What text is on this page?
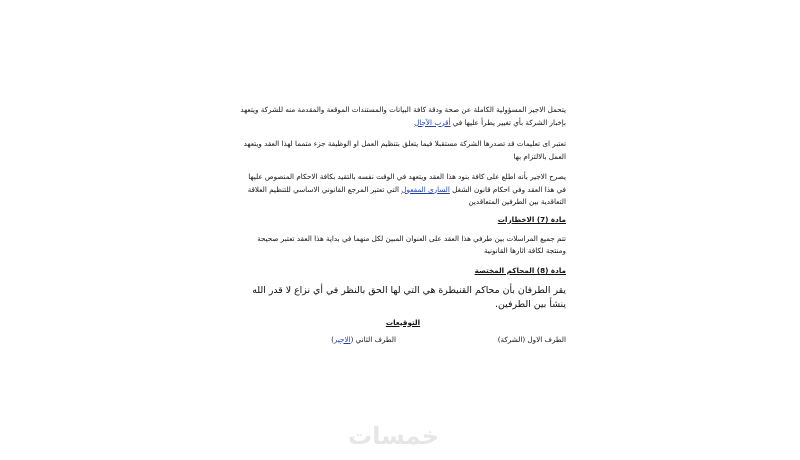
يتحمل الاجير المسؤولية الكاملة عن صحة ودقة كافة البيانات والمستندات الموقعة والمقدمة منه للشركة ويتعهد بإخبار الشركة بأي تغيير يطرأ عليها في أقرب الآجال

تعتبر اى تعليمات قد تصدرها الشركة مستقبلا فيما يتعلق بتنظيم العمل او الوظيفة جزء متمما لهذا العقد ويتعهد العمل بالالتزام بها

يصرح الاجير بأنه اطلع على كافة بنود هذا العقد ويتعهد في الوقت نفسه بالتقيد بكافة الاحكام المنصوص عليها في هذا العقد وفي احكام قانون الشغل الساري المفعول التي تعتبر المرجع القانوني الاساسي للتنظيم العلاقة التعاقدية بين الطرفين المتعاقدين

مادة (7) الاخطارات

تتم جميع المراسلات بين طرفي هذا العقد على العنوان المبين لكل منهما في بداية هذا العقد تعتبر صحيحة ومنتجة لكافة اثارها القانونية

مادة (8) المحاكم المختصة

يقر الطرفان بأن محاكم القنيطرة هي التي لها الحق بالنظر في أي نزاع لا قدر الله ينشأ بين الطرفين.

التوقيعات

الطرف الاول (الشركة)
الطرف الثاني (الاجير)
خمسات
